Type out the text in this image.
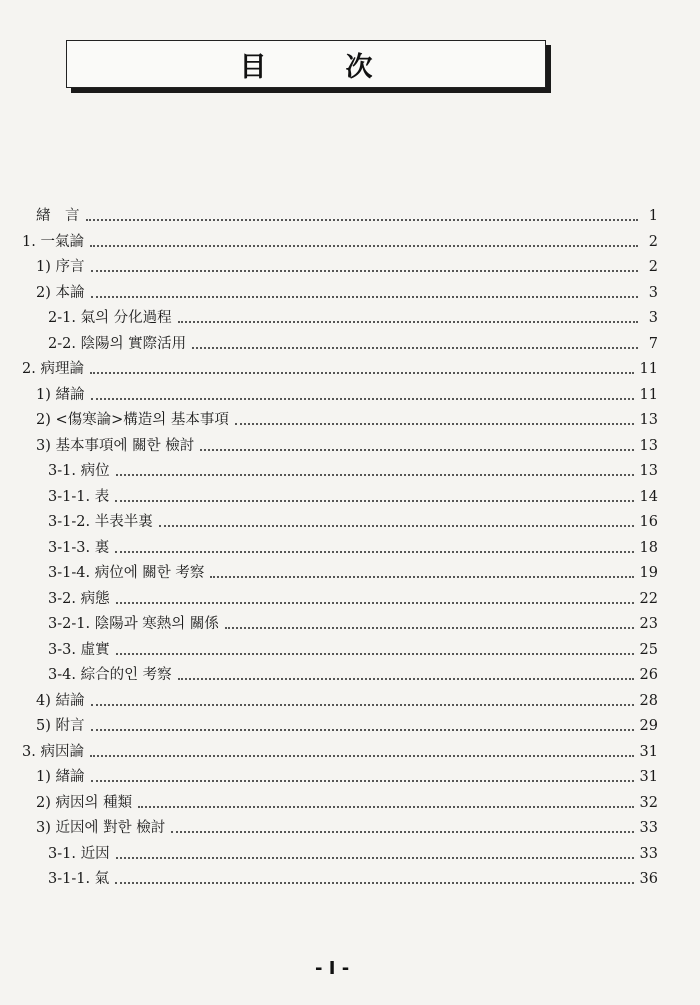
目　次
緖　言	1
1. 一氣論	2
1) 序言	2
2) 本論	3
2-1. 氣의 分化過程	3
2-2. 陰陽의 實際活用	7
2. 病理論	11
1) 緖論	11
2) <傷寒論>構造의 基本事項	13
3) 基本事項에 關한 檢討	13
3-1. 病位	13
3-1-1. 表	14
3-1-2. 半表半裏	16
3-1-3. 裏	18
3-1-4. 病位에 關한 考察	19
3-2. 病態	22
3-2-1. 陰陽과 寒熱의 關係	23
3-3. 虛實	25
3-4. 綜合的인 考察	26
4) 結論	28
5) 附言	29
3. 病因論	31
1) 緖論	31
2) 病因의 種類	32
3) 近因에 對한 檢討	33
3-1. 近因	33
3-1-1. 氣	36
- I -
